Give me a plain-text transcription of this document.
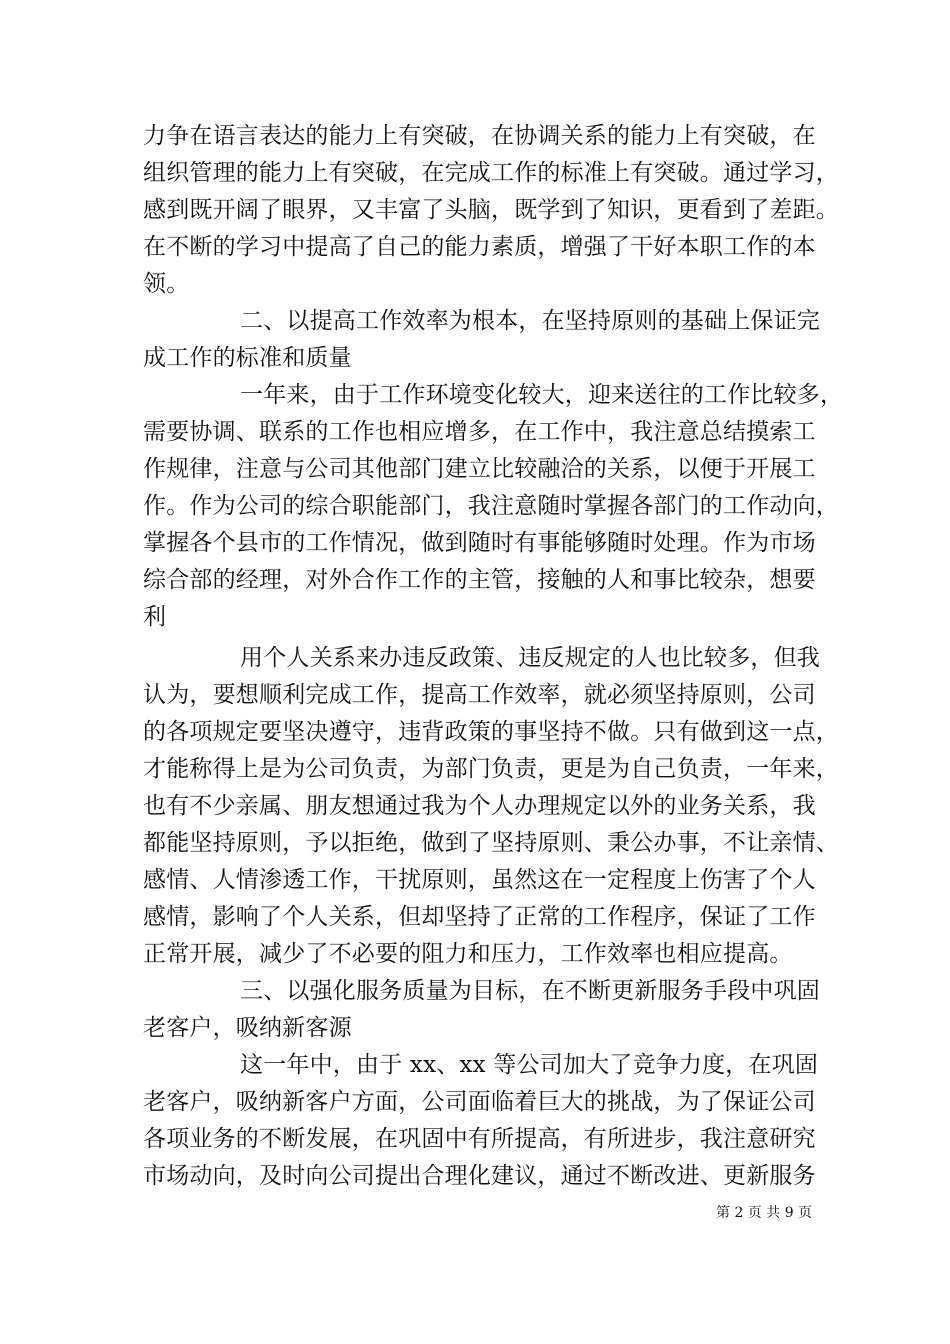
力争在语言表达的能力上有突破，在协调关系的能力上有突破，在
组织管理的能力上有突破，在完成工作的标准上有突破。通过学习，
感到既开阔了眼界，又丰富了头脑，既学到了知识，更看到了差距。
在不断的学习中提高了自己的能力素质，增强了干好本职工作的本
领。
二、以提高工作效率为根本，在坚持原则的基础上保证完
成工作的标准和质量
一年来，由于工作环境变化较大，迎来送往的工作比较多，
需要协调、联系的工作也相应增多，在工作中，我注意总结摸索工
作规律，注意与公司其他部门建立比较融洽的关系，以便于开展工
作。作为公司的综合职能部门，我注意随时掌握各部门的工作动向，
掌握各个县市的工作情况，做到随时有事能够随时处理。作为市场
综合部的经理，对外合作工作的主管，接触的人和事比较杂，想要
利
用个人关系来办违反政策、违反规定的人也比较多，但我
认为，要想顺利完成工作，提高工作效率，就必须坚持原则，公司
的各项规定要坚决遵守，违背政策的事坚持不做。只有做到这一点，
才能称得上是为公司负责，为部门负责，更是为自己负责，一年来，
也有不少亲属、朋友想通过我为个人办理规定以外的业务关系，我
都能坚持原则，予以拒绝，做到了坚持原则、秉公办事，不让亲情、
感情、人情渗透工作，干扰原则，虽然这在一定程度上伤害了个人
感情，影响了个人关系，但却坚持了正常的工作程序，保证了工作
正常开展，减少了不必要的阻力和压力，工作效率也相应提高。
三、以强化服务质量为目标，在不断更新服务手段中巩固
老客户，吸纳新客源
这一年中，由于 xx、xx 等公司加大了竞争力度，在巩固
老客户，吸纳新客户方面，公司面临着巨大的挑战，为了保证公司
各项业务的不断发展，在巩固中有所提高，有所进步，我注意研究
市场动向，及时向公司提出合理化建议，通过不断改进、更新服务
第 2 页 共 9 页
